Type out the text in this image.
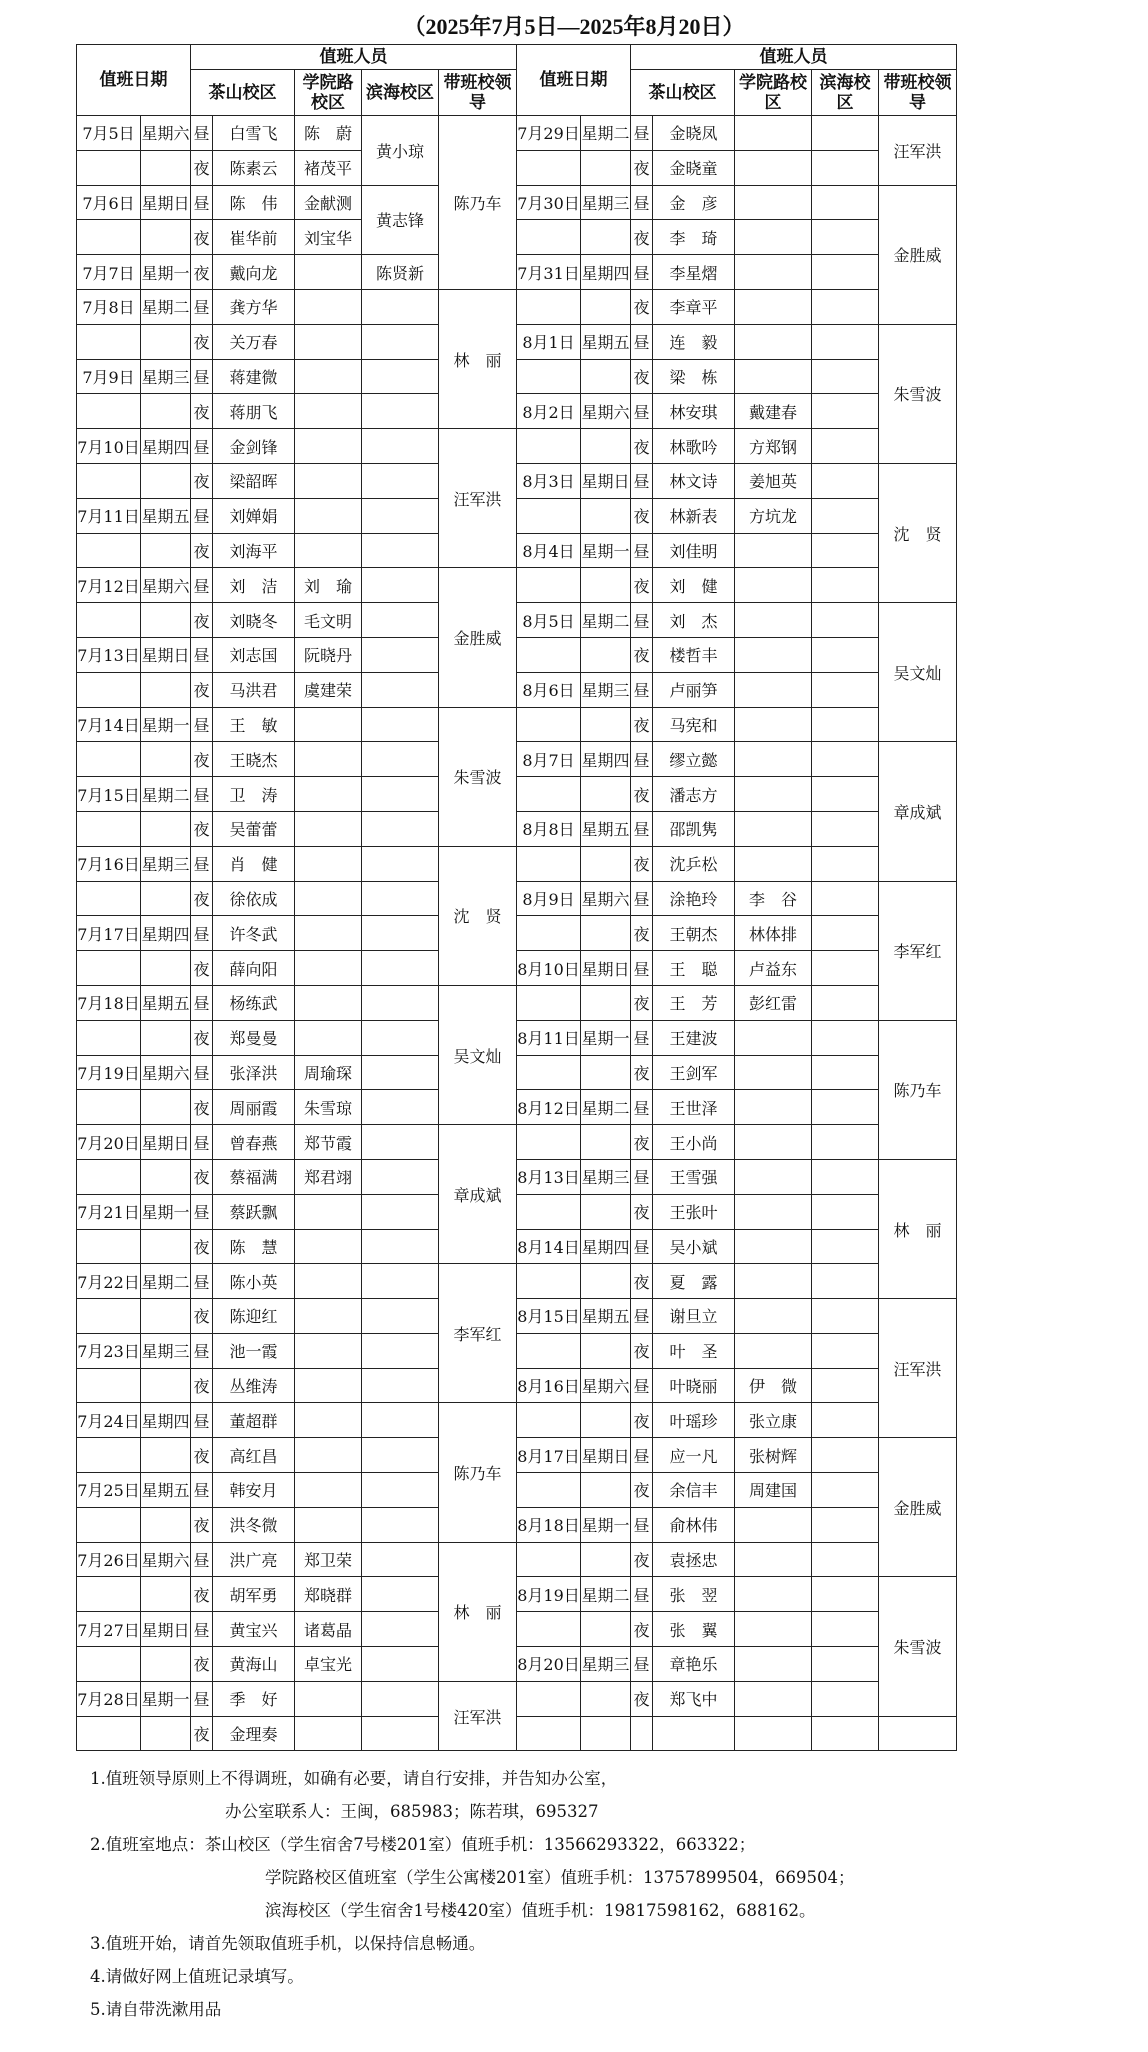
（2025年7月5日—2025年8月20日）
值班日期		值班人员					值班日期		值班人员				
		茶山校区		学院路校区	滨海校区	带班校领导			茶山校区		学院路校区	滨海校区	带班校领导
7月5日	星期六	昼	白雪飞	陈　蔚	黄小琼	陈乃车	7月29日	星期二	昼	金晓凤			汪军洪
		夜	陈素云	褚茂平					夜	金晓童			
7月6日	星期日	昼	陈　伟	金献测	黄志锋		7月30日	星期三	昼	金　彦			金胜威
		夜	崔华前	刘宝华					夜	李　琦			
7月7日	星期一	夜	戴向龙		陈贤新		7月31日	星期四	昼	李星熠			
7月8日	星期二	昼	龚方华			林　丽			夜	李章平			
		夜	关万春				8月1日	星期五	昼	连　毅			朱雪波
7月9日	星期三	昼	蒋建微						夜	梁　栋			
		夜	蒋朋飞				8月2日	星期六	昼	林安琪	戴建春		
7月10日	星期四	昼	金剑锋			汪军洪			夜	林歌吟	方郑钢		
		夜	梁韶晖				8月3日	星期日	昼	林文诗	姜旭英		沈　贤
7月11日	星期五	昼	刘婵娟						夜	林新表	方坑龙		
		夜	刘海平				8月4日	星期一	昼	刘佳明			
7月12日	星期六	昼	刘　洁	刘　瑜		金胜威			夜	刘　健			
		夜	刘晓冬	毛文明			8月5日	星期二	昼	刘　杰			吴文灿
7月13日	星期日	昼	刘志国	阮晓丹					夜	楼哲丰			
		夜	马洪君	虞建荣			8月6日	星期三	昼	卢丽笋			
7月14日	星期一	昼	王　敏			朱雪波			夜	马宪和			
		夜	王晓杰				8月7日	星期四	昼	缪立懿			章成斌
7月15日	星期二	昼	卫　涛						夜	潘志方			
		夜	吴蕾蕾				8月8日	星期五	昼	邵凯隽			
7月16日	星期三	昼	肖　健			沈　贤			夜	沈乒松			
		夜	徐依成				8月9日	星期六	昼	涂艳玲	李　谷		李军红
7月17日	星期四	昼	许冬武						夜	王朝杰	林体排		
		夜	薛向阳				8月10日	星期日	昼	王　聪	卢益东		
7月18日	星期五	昼	杨练武			吴文灿			夜	王　芳	彭红雷		
		夜	郑曼曼				8月11日	星期一	昼	王建波			陈乃车
7月19日	星期六	昼	张泽洪	周瑜琛					夜	王剑军			
		夜	周丽霞	朱雪琼			8月12日	星期二	昼	王世泽			
7月20日	星期日	昼	曾春燕	郑节霞		章成斌			夜	王小尚			
		夜	蔡福满	郑君翊			8月13日	星期三	昼	王雪强			林　丽
7月21日	星期一	昼	蔡跃飘						夜	王张叶			
		夜	陈　慧				8月14日	星期四	昼	吴小斌			
7月22日	星期二	昼	陈小英			李军红			夜	夏　露			
		夜	陈迎红				8月15日	星期五	昼	谢旦立			汪军洪
7月23日	星期三	昼	池一霞						夜	叶　圣			
		夜	丛维涛				8月16日	星期六	昼	叶晓丽	伊　微		
7月24日	星期四	昼	董超群			陈乃车			夜	叶瑶珍	张立康		
		夜	高红昌				8月17日	星期日	昼	应一凡	张树辉		金胜威
7月25日	星期五	昼	韩安月						夜	余信丰	周建国		
		夜	洪冬微				8月18日	星期一	昼	俞林伟			
7月26日	星期六	昼	洪广亮	郑卫荣		林　丽			夜	袁拯忠			
		夜	胡军勇	郑晓群			8月19日	星期二	昼	张　翌			朱雪波
7月27日	星期日	昼	黄宝兴	诸葛晶					夜	张　翼			
		夜	黄海山	卓宝光			8月20日	星期三	昼	章艳乐			
7月28日	星期一	昼	季　好			汪军洪			夜	郑飞中			
		夜	金理奏										
1.值班领导原则上不得调班，如确有必要，请自行安排，并告知办公室，
办公室联系人：王闽，685983；陈若琪，695327
2.值班室地点：茶山校区（学生宿舍7号楼201室）值班手机：13566293322，663322；
学院路校区值班室（学生公寓楼201室）值班手机：13757899504，669504；
滨海校区（学生宿舍1号楼420室）值班手机：19817598162，688162。
3.值班开始，请首先领取值班手机，以保持信息畅通。
4.请做好网上值班记录填写。
5.请自带洗漱用品
